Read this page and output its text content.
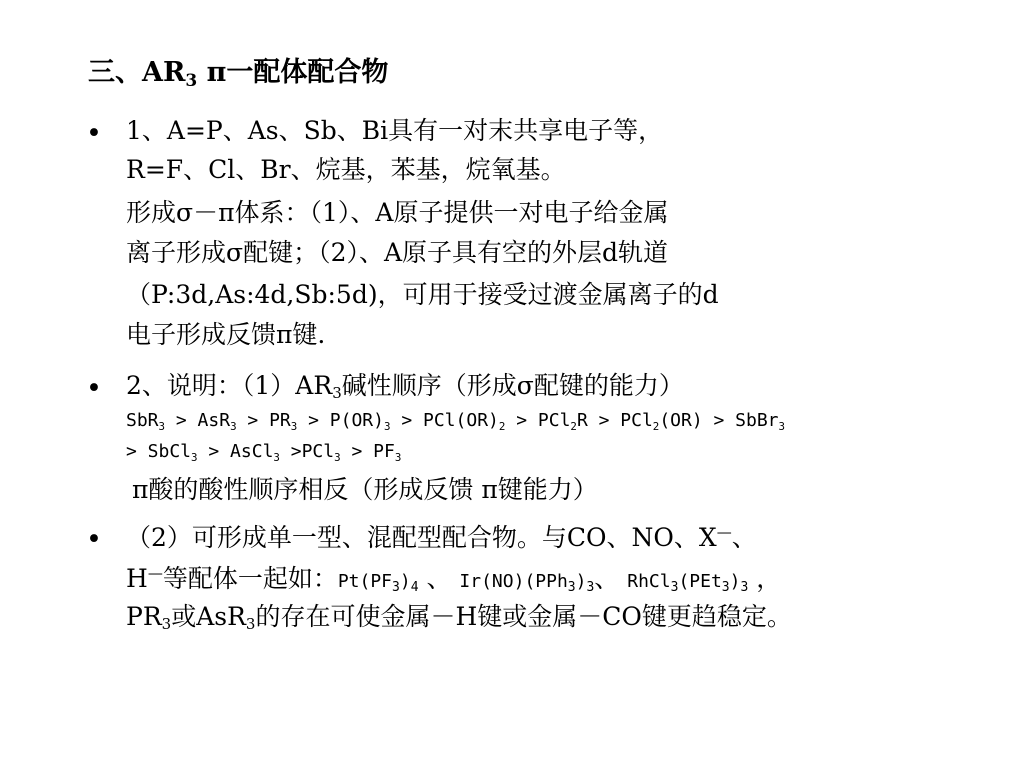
三、$AR_3$ π一配体配合物
• 1、A=P、As、Sb、Bi具有一对末共享电子等，
R=F、Cl、Br、烷基，苯基，烷氧基。
形成σ－π体系：（1）、A原子提供一对电子给金属
离子形成σ配键；（2）、A原子具有空的外层d轨道
（P:3d,As:4d,Sb:5d)，可用于接受过渡金属离子的d
电子形成反馈π键.
• 2、说明：$(1)AR_3$碱性顺序（形成σ配键的能力）
$SbR_3 > AsR_3 > PR_3 > P(OR)_3 > PCl(OR)_2 > PCl_2R > PCl_2(OR)$ > SbBr$_3$
> SbCl$_3$ > AsCl$_3$ $>PCl_3 > PF_3$
π酸的酸性顺序相反（形成反馈 π键能力）
• （2）可形成单一型、混配型配合物。与CO、NO、X—、
H—等配体一起如：$Pt(PF_3)_4$ 、 $Ir(NO)(PPh_3)_3$、 $RhCl_3(PEt_3)_3$ ，
$PR_3$或AsR$_3$的存在可使金属－H键或金属－CO键更趋稳定。
